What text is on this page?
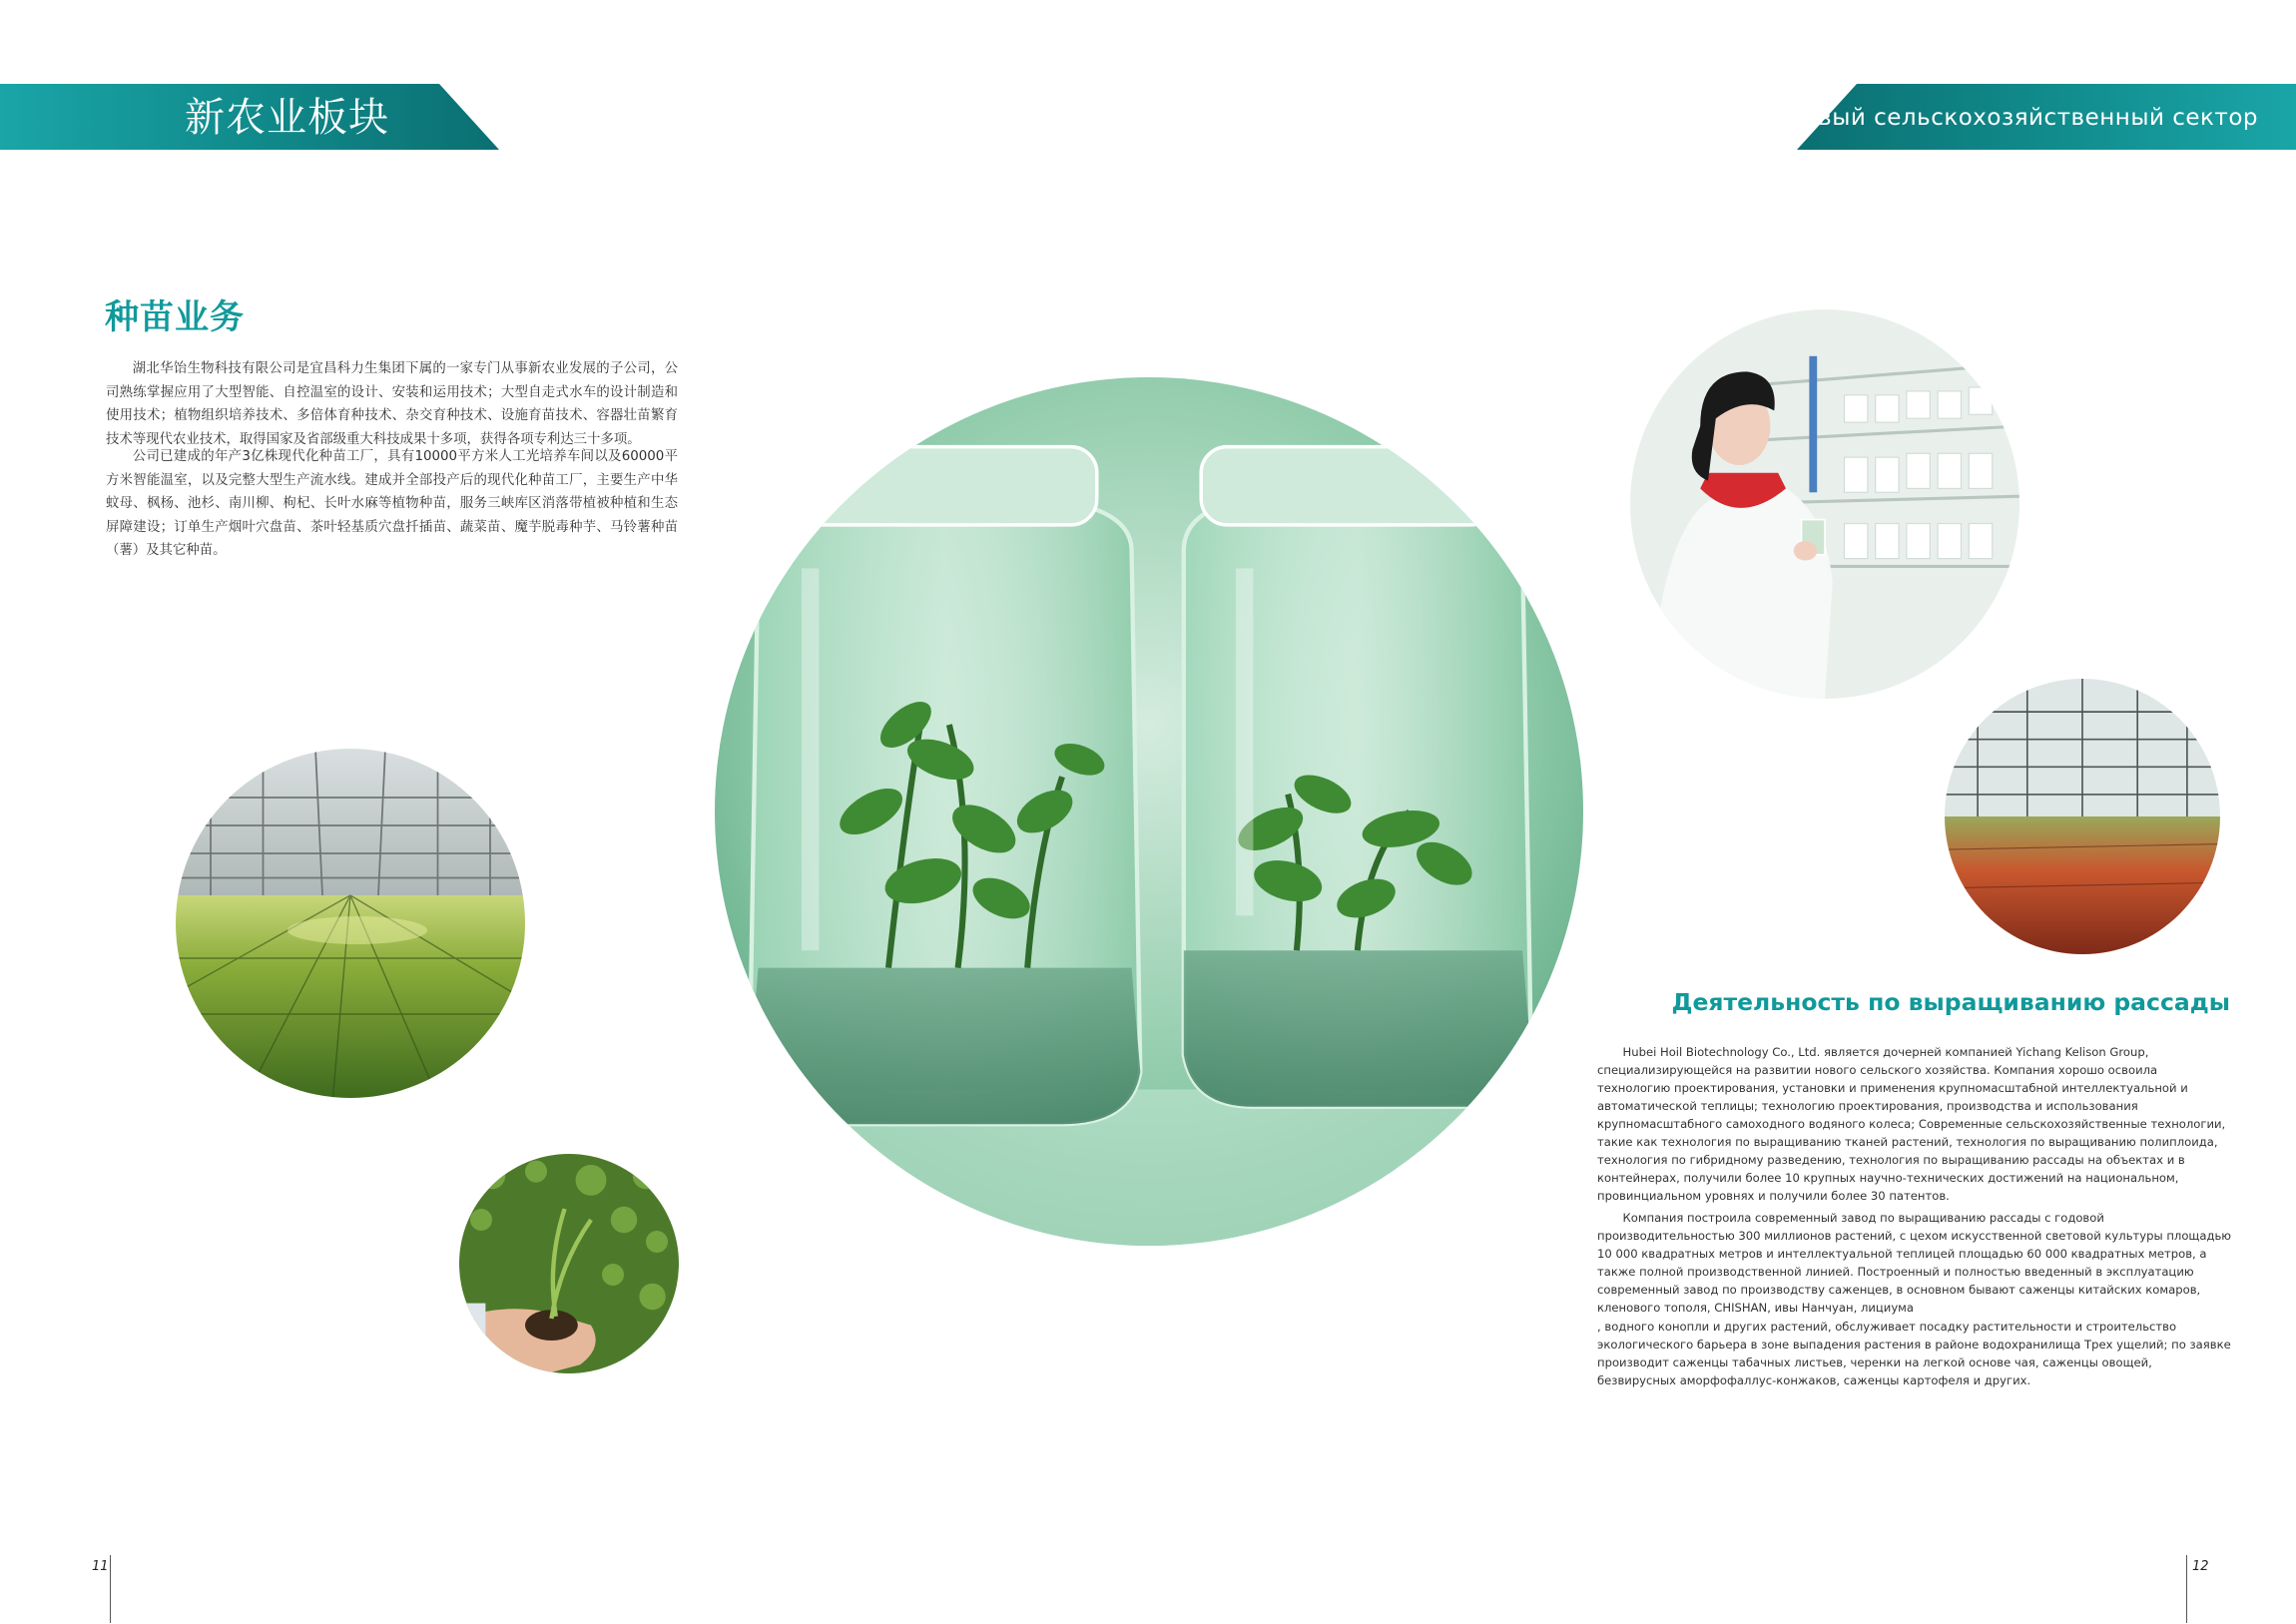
新农业板块	Новый сельскохозяйственный сектор
种苗业务

湖北华饴生物科技有限公司是宜昌科力生集团下属的一家专门从事新农业发展的子公司，公司熟练掌握应用了大型智能、自控温室的设计、安装和运用技术；大型自走式水车的设计制造和使用技术；植物组织培养技术、多倍体育种技术、杂交育种技术、设施育苗技术、容器壮苗繁育技术等现代农业技术，取得国家及省部级重大科技成果十多项，获得各项专利达三十多项。

公司已建成的年产3亿株现代化种苗工厂，具有10000平方米人工光培养车间以及60000平方米智能温室，以及完整大型生产流水线。建成并全部投产后的现代化种苗工厂，主要生产中华蚊母、枫杨、池杉、南川柳、枸杞、长叶水麻等植物种苗，服务三峡库区消落带植被种植和生态屏障建设；订单生产烟叶穴盘苗、茶叶轻基质穴盘扦插苗、蔬菜苗、魔芋脱毒种芋、马铃薯种苗（薯）及其它种苗。

Деятельность по выращиванию рассады

Hubei Hoil Biotechnology Co., Ltd. является дочерней компанией Yichang Kelison Group, специализирующейся на развитии нового сельского хозяйства. Компания хорошо освоила технологию проектирования, установки и применения крупномасштабной интеллектуальной и автоматической теплицы; технологию проектирования, производства и использования крупномасштабного самоходного водяного колеса; Современные сельскохозяйственные технологии, такие как технология по выращиванию тканей растений, технология по выращиванию полиплоида, технология по гибридному разведению, технология по выращиванию рассады на объектах и в контейнерах, получили более 10 крупных научно-технических достижений на национальном, провинциальном уровнях и получили более 30 патентов.

Компания построила современный завод по выращиванию рассады с годовой производительностью 300 миллионов растений, с цехом искусственной световой культуры площадью 10 000 квадратных метров и интеллектуальной теплицей площадью 60 000 квадратных метров, а также полной производственной линией. Построенный и полностью введенный в эксплуатацию современный завод по производству саженцев, в основном бывают саженцы китайских комаров, кленового тополя, CHISHAN, ивы Нанчуан, лициума

, водного конопли и других растений, обслуживает посадку растительности и строительство экологического барьера в зоне выпадения растения в районе водохранилища Трех ущелий; по заявке производит саженцы табачных листьев, черенки на легкой основе чая, саженцы овощей, безвирусных аморфофаллус-конжаков, саженцы картофеля и других.

11	12
